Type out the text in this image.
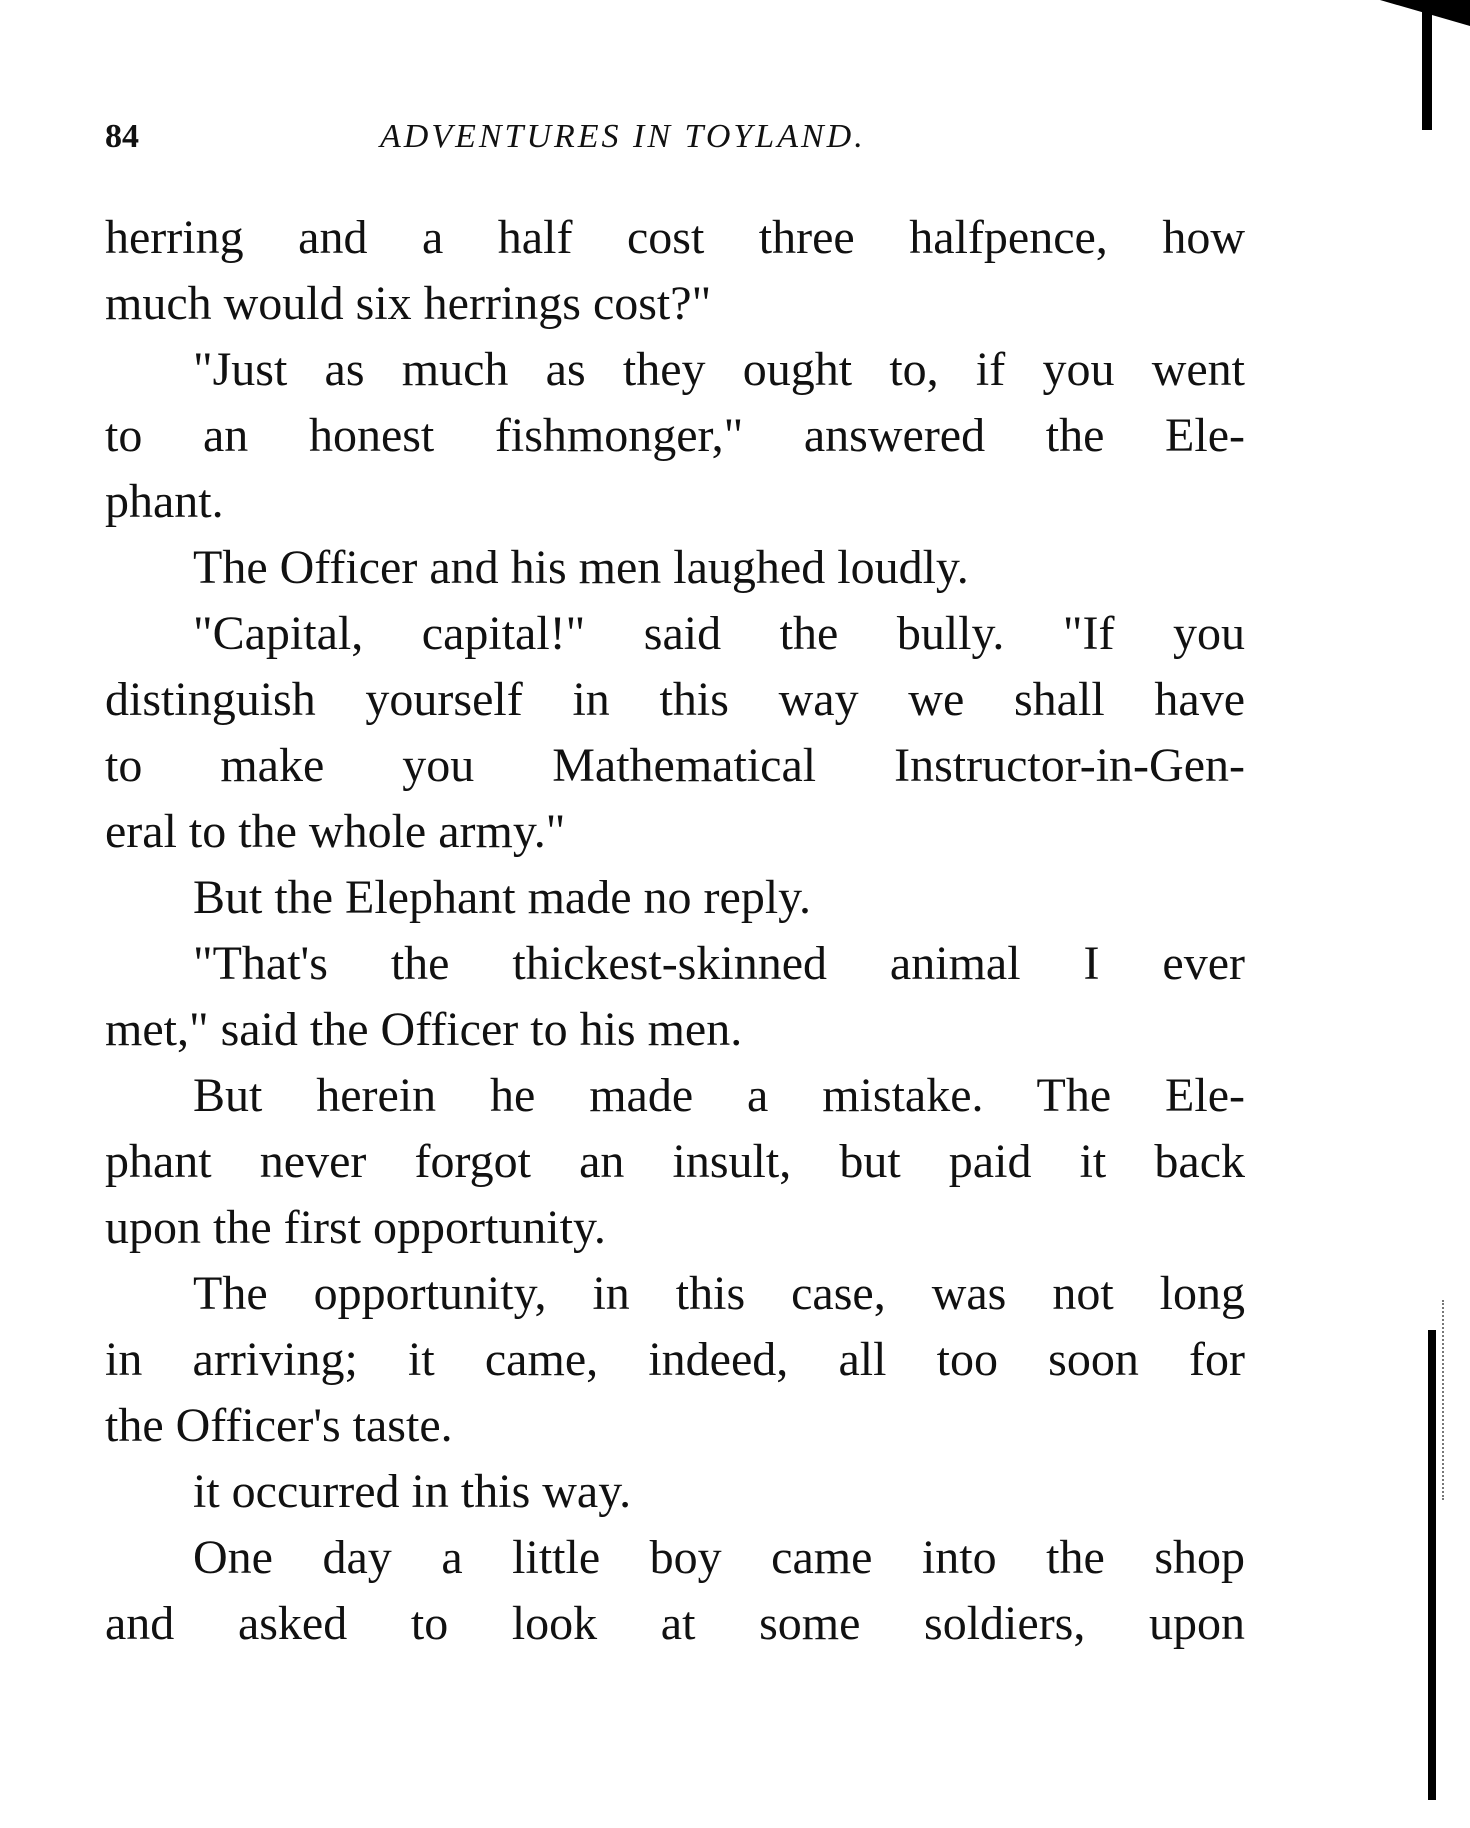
84	ADVENTURES IN TOYLAND.
herring and a half cost three halfpence, how
much would six herrings cost?"
"Just as much as they ought to, if you went
to an honest fishmonger," answered the Ele-
phant.
The Officer and his men laughed loudly.
"Capital, capital!" said the bully. "If you
distinguish yourself in this way we shall have
to make you Mathematical Instructor-in-Gen-
eral to the whole army."
But the Elephant made no reply.
"That's the thickest-skinned animal I ever
met," said the Officer to his men.
But herein he made a mistake. The Ele-
phant never forgot an insult, but paid it back
upon the first opportunity.
The opportunity, in this case, was not long
in arriving; it came, indeed, all too soon for
the Officer's taste.
it occurred in this way.
One day a little boy came into the shop
and asked to look at some soldiers, upon
